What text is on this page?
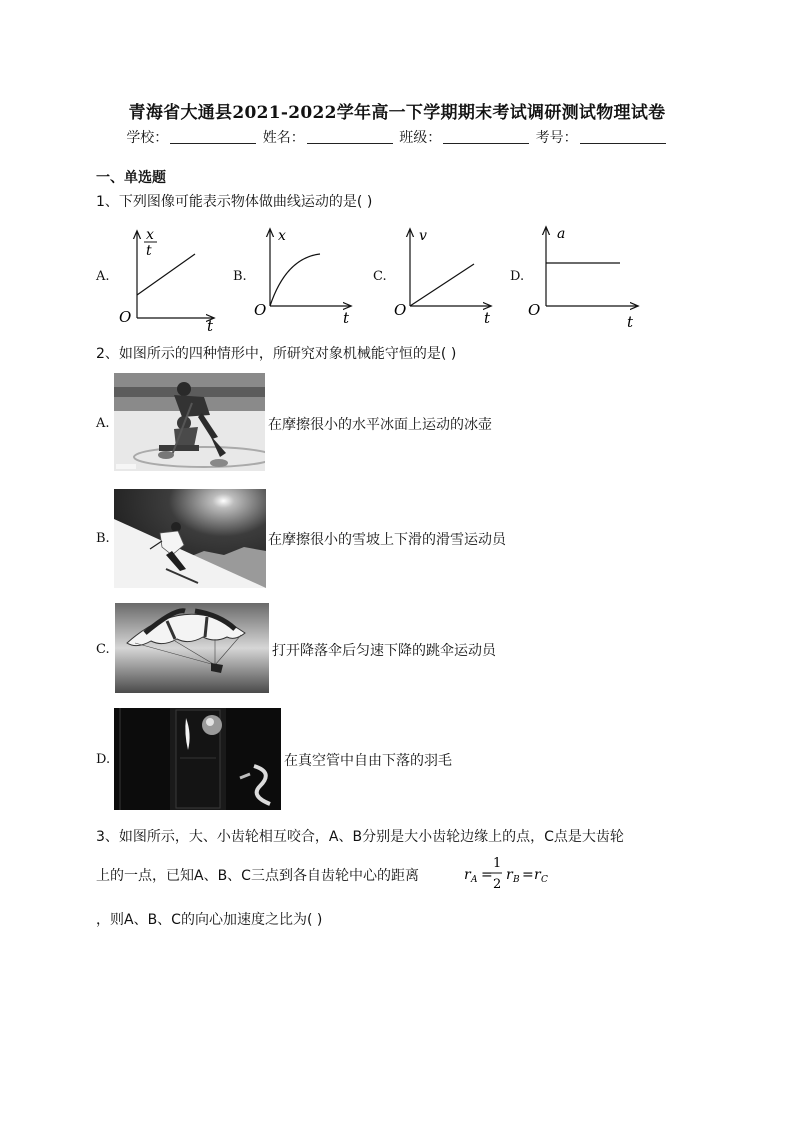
青海省大通县2021-2022学年高一下学期期末考试调研测试物理试卷
学校：	姓名：	班级：	考号：
一、单选题
1、下列图像可能表示物体做曲线运动的是( )
A.
x
t
O	t
B.
x
O	t
C.
v
O	t
D.
a
O
t
2、如图所示的四种情形中，所研究对象机械能守恒的是( )
A.	在摩擦很小的水平冰面上运动的冰壶
B.	在摩擦很小的雪坡上下滑的滑雪运动员
C.	打开降落伞后匀速下降的跳伞运动员
D.	在真空管中自由下落的羽毛
3、如图所示，大、小齿轮相互咬合，A、B分别是大小齿轮边缘上的点，C点是大齿轮
上的一点，已知A、B、C三点到各自齿轮中心的距离	r A =
1
2
r B = r C
，则A、B、C的向心加速度之比为( )
